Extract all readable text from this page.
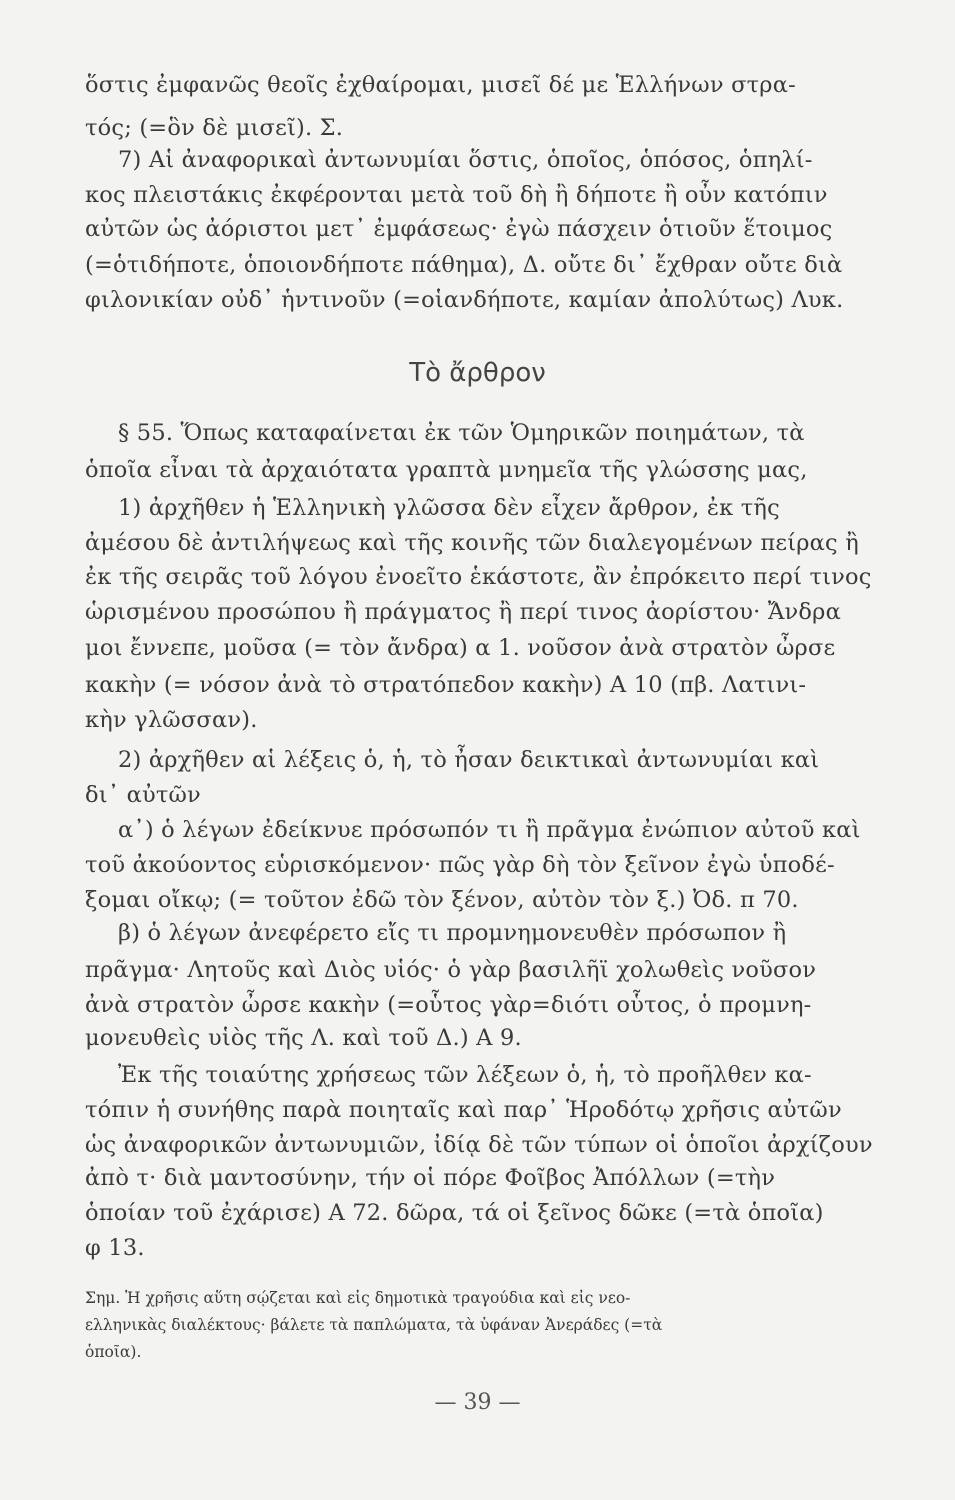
ὅστις ἐμφανῶς θεοῖς ἐχθαίρομαι, μισεῖ δέ με Ἑλλήνων στρα-
τός; (=ὃν δὲ μισεῖ). Σ.
7) Αἱ ἀναφορικαὶ ἀντωνυμίαι ὅστις, ὁποῖος, ὁπόσος, ὁπηλί-
κος πλειστάκις ἐκφέρονται μετὰ τοῦ δὴ ἢ δήποτε ἢ οὖν κατόπιν
αὐτῶν ὡς ἀόριστοι μετ᾽ ἐμφάσεως· ἐγὼ πάσχειν ὁτιοῦν ἕτοιμος
(=ὁτιδήποτε, ὁποιονδήποτε πάθημα), Δ. οὔτε δι᾽ ἔχθραν οὔτε διὰ
φιλονικίαν οὐδ᾽ ἡντινοῦν (=οἱανδήποτε, καμίαν ἀπολύτως) Λυκ.
Τὸ ἄρθρον
§ 55. Ὅπως καταφαίνεται ἐκ τῶν Ὁμηρικῶν ποιημάτων, τὰ
ὁποῖα εἶναι τὰ ἀρχαιότατα γραπτὰ μνημεῖα τῆς γλώσσης μας,
1) ἀρχῆθεν ἡ Ἑλληνικὴ γλῶσσα δὲν εἶχεν ἄρθρον, ἐκ τῆς
ἀμέσου δὲ ἀντιλήψεως καὶ τῆς κοινῆς τῶν διαλεγομένων πείρας ἢ
ἐκ τῆς σειρᾶς τοῦ λόγου ἐνοεῖτο ἑκάστοτε, ἂν ἐπρόκειτο περί τινος
ὡρισμένου προσώπου ἢ πράγματος ἢ περί τινος ἀορίστου· Ἄνδρα
μοι ἔννεπε, μοῦσα (= τὸν ἄνδρα) α 1. νοῦσον ἀνὰ στρατὸν ὦρσε
κακὴν (= νόσον ἀνὰ τὸ στρατόπεδον κακὴν) Α 10 (πβ. Λατινι-
κὴν γλῶσσαν).
2) ἀρχῆθεν αἱ λέξεις ὁ, ἡ, τὸ ἦσαν δεικτικαὶ ἀντωνυμίαι καὶ
δι᾽ αὐτῶν
α᾽) ὁ λέγων ἐδείκνυε πρόσωπόν τι ἢ πρᾶγμα ἐνώπιον αὐτοῦ καὶ
τοῦ ἀκούοντος εὑρισκόμενον· πῶς γὰρ δὴ τὸν ξεῖνον ἐγὼ ὑποδέ-
ξομαι οἴκῳ; (= τοῦτον ἐδῶ τὸν ξένον, αὐτὸν τὸν ξ.) Ὀδ. π 70.
β) ὁ λέγων ἀνεφέρετο εἴς τι προμνημονευθὲν πρόσωπον ἢ
πρᾶγμα· Λητοῦς καὶ Διὸς υἱός· ὁ γὰρ βασιλῆϊ χολωθεὶς νοῦσον
ἀνὰ στρατὸν ὦρσε κακὴν (=οὗτος γὰρ=διότι οὗτος, ὁ προμνη-
μονευθεὶς υἱὸς τῆς Λ. καὶ τοῦ Δ.) Α 9.
Ἐκ τῆς τοιαύτης χρήσεως τῶν λέξεων ὁ, ἡ, τὸ προῆλθεν κα-
τόπιν ἡ συνήθης παρὰ ποιηταῖς καὶ παρ᾽ Ἡροδότῳ χρῆσις αὐτῶν
ὡς ἀναφορικῶν ἀντωνυμιῶν, ἰδίᾳ δὲ τῶν τύπων οἱ ὁποῖοι ἀρχίζουν
ἀπὸ τ· διὰ μαντοσύνην, τήν οἱ πόρε Φοῖβος Ἀπόλλων (=τὴν
ὁποίαν τοῦ ἐχάρισε) Α 72. δῶρα, τά οἱ ξεῖνος δῶκε (=τὰ ὁποῖα)
φ 13.
Σημ. Ἡ χρῆσις αὕτη σῴζεται καὶ εἰς δημοτικὰ τραγούδια καὶ εἰς νεο-
ελληνικὰς διαλέκτους· βάλετε τὰ παπλώματα, τὰ ὑφάναν Ἀνεράδες (=τὰ
ὁποῖα).
— 39 —
